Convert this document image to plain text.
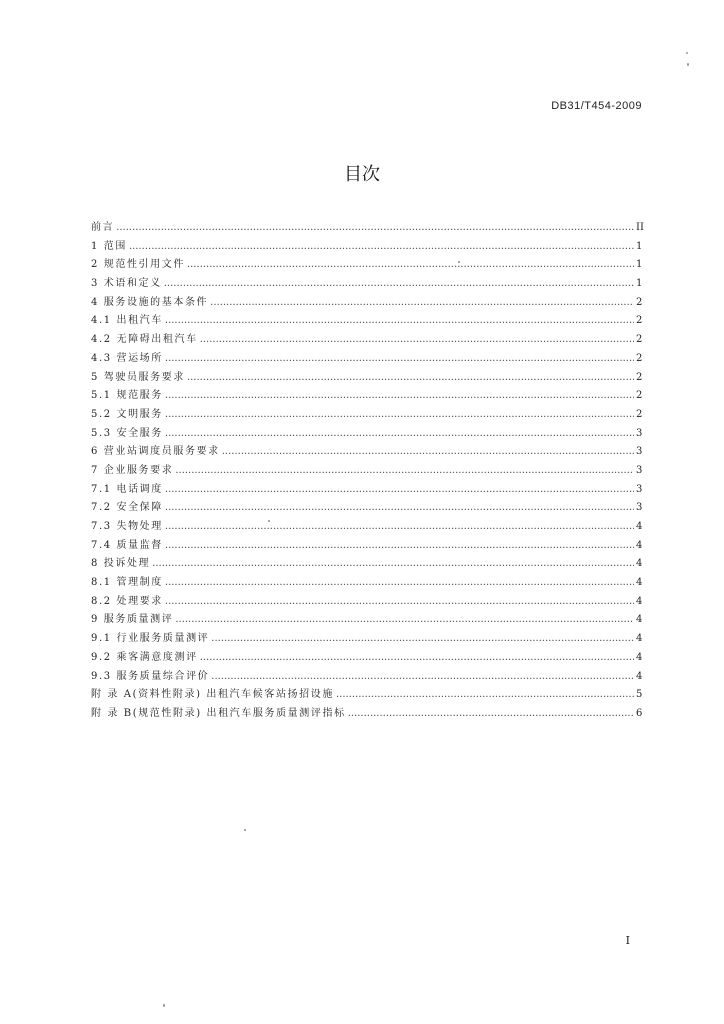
DB31/T454-2009
目次
前言 .....	II
1 范围 .....	1
2 规范性引用文件 .....	1
3 术语和定义 .....	1
4 服务设施的基本条件 .....	2
4.1 出租汽车 .....	2
4.2 无障碍出租汽车 .....	2
4.3 营运场所 .....	2
5 驾驶员服务要求 .....	2
5.1 规范服务 .....	2
5.2 文明服务 .....	2
5.3 安全服务 .....	3
6 营业站调度员服务要求 .....	3
7 企业服务要求 .....	3
7.1 电话调度 .....	3
7.2 安全保障 .....	3
7.3 失物处理 .....	4
7.4 质量监督 .....	4
8 投诉处理 .....	4
8.1 管理制度 .....	4
8.2 处理要求 .....	4
9 服务质量测评 .....	4
9.1 行业服务质量测评 .....	4
9.2 乘客满意度测评 .....	4
9.3 服务质量综合评价 .....	4
附 录 A(资料性附录) 出租汽车候客站扬招设施 .....	5
附 录 B(规范性附录) 出租汽车服务质量测评指标 .....	6
I
